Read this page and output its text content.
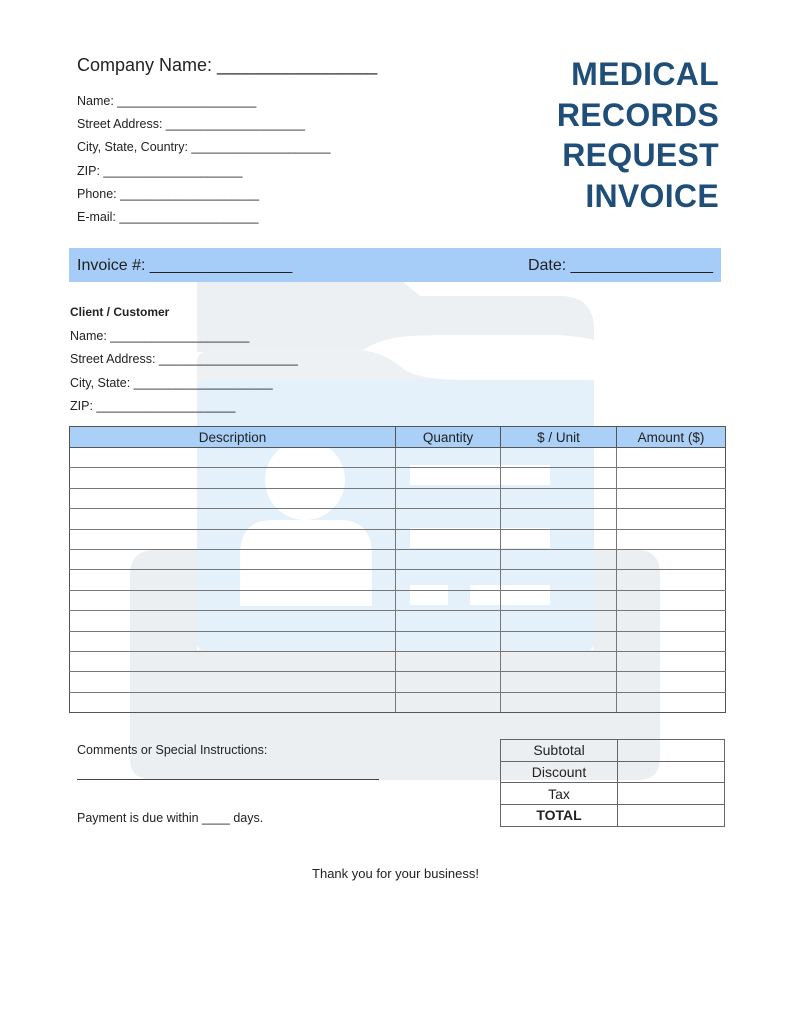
Company Name: ________________
Name: ____________________
Street Address: ____________________
City, State, Country: ____________________
ZIP: ____________________
Phone: ____________________
E-mail: ____________________
MEDICAL
RECORDS
REQUEST
INVOICE
Invoice #: ________________	Date: ________________
Client / Customer
Name: ____________________
Street Address: ____________________
City, State: ____________________
ZIP: ____________________
Description	Quantity	$ / Unit	Amount ($)

Comments or Special Instructions:
Payment is due within ____ days.
Subtotal	
Discount	
Tax	
TOTAL	
Thank you for your business!
